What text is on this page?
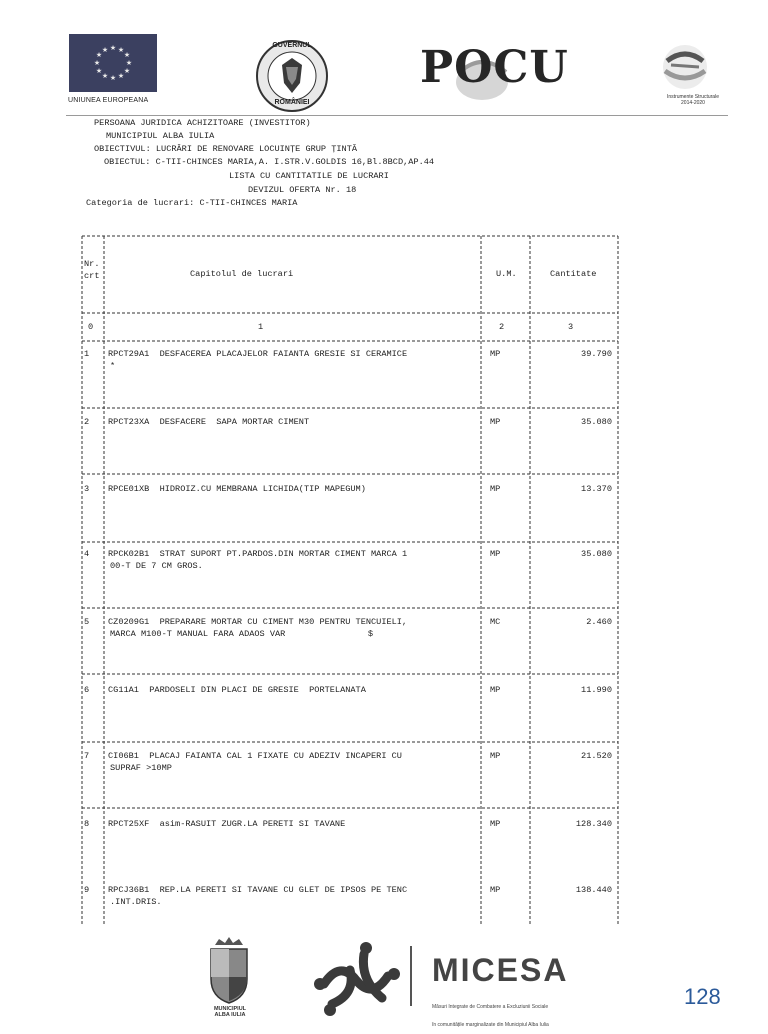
★ ★
★
★
★
★
★
★
★
★
★
★
UNIUNEA EUROPEANA
GUVERNUL
ROMÂNIEI
POCU
Instrumente Structurale
2014-2020
PERSOANA JURIDICA ACHIZITOARE (INVESTITOR)
MUNICIPIUL ALBA IULIA
OBIECTIVUL: LUCRĂRI DE RENOVARE LOCUINȚE GRUP ȚINTĂ
OBIECTUL: C-TII-CHINCES MARIA,A. I.STR.V.GOLDIS 16,Bl.8BCD,AP.44
LISTA CU CANTITATILE DE LUCRARI
DEVIZUL OFERTA Nr. 18
Categoria de lucrari: C-TII-CHINCES MARIA
Nr.
crt	Capitolul de lucrari	U.M.	Cantitate
0	1	2	3
1 RPCT29A1  DESFACEREA PLACAJELOR FAIANTA GRESIE SI CERAMICE
*
MP	39.790
2 RPCT23XA  DESFACERE  SAPA MORTAR CIMENT	MP	35.080
3 RPCE01XB  HIDROIZ.CU MEMBRANA LICHIDA(TIP MAPEGUM)	MP	13.370
4 RPCK02B1  STRAT SUPORT PT.PARDOS.DIN MORTAR CIMENT MARCA 1
00-T DE 7 CM GROS.
MP	35.080
5 CZ0209G1  PREPARARE MORTAR CU CIMENT M30 PENTRU TENCUIELI,
MARCA M100-T MANUAL FARA ADAOS VAR                $
MC	2.460
6 CG11A1  PARDOSELI DIN PLACI DE GRESIE  PORTELANATA	MP	11.990
7 CI06B1  PLACAJ FAIANTA CAL 1 FIXATE CU ADEZIV INCAPERI CU
SUPRAF >10MP
MP	21.520
8 RPCT25XF  asim-RASUIT ZUGR.LA PERETI SI TAVANE	MP	128.340
9 RPCJ36B1  REP.LA PERETI SI TAVANE CU GLET DE IPSOS PE TENC
.INT.DRIS.
MP	138.440
MUNICIPIUL
ALBA IULIA
MICESA

Măsuri Integrate de Combatere a Excluziunii Sociale

în comunitățile marginalizate din Municipiul Alba Iulia

128
